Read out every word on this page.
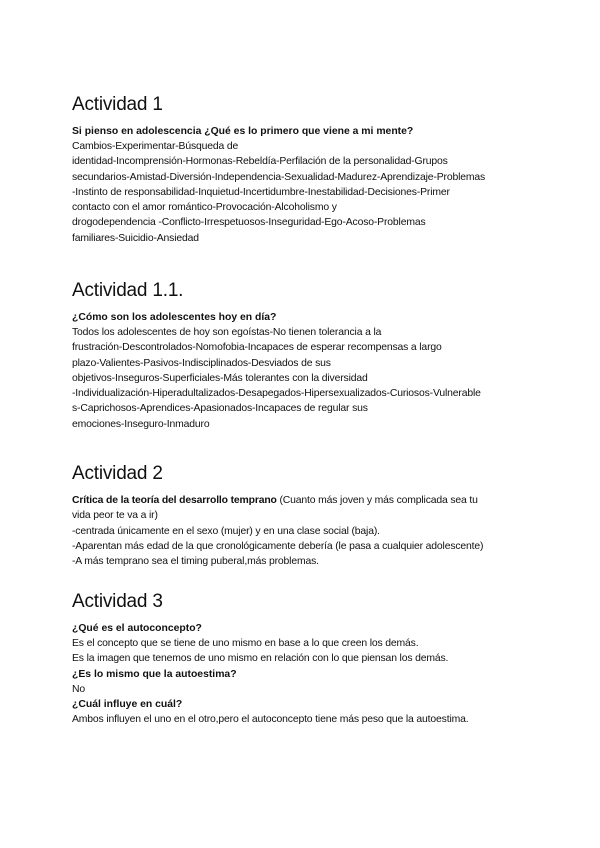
Actividad 1

Si pienso en adolescencia ¿Qué es lo primero que viene a mi mente?

Cambios-Experimentar-Búsqueda de
identidad-Incomprensión-Hormonas-Rebeldía-Perfilación de la personalidad-Grupos
secundarios-Amistad-Diversión-Independencia-Sexualidad-Madurez-Aprendizaje-Problemas
-Instinto de responsabilidad-Inquietud-Incertidumbre-Inestabilidad-Decisiones-Primer
contacto con el amor romántico-Provocación-Alcoholismo y
drogodependencia -Conflicto-Irrespetuosos-Inseguridad-Ego-Acoso-Problemas
familiares-Suicidio-Ansiedad
Actividad 1.1.

¿Cómo son los adolescentes hoy en día?

Todos los adolescentes de hoy son egoístas-No tienen tolerancia a la
frustración-Descontrolados-Nomofobia-Incapaces de esperar recompensas a largo
plazo-Valientes-Pasivos-Indisciplinados-Desviados de sus
objetivos-Inseguros-Superficiales-Más tolerantes con la diversidad
-Individualización-Hiperadultalizados-Desapegados-Hipersexualizados-Curiosos-Vulnerable
s-Caprichosos-Aprendices-Apasionados-Incapaces de regular sus
emociones-Inseguro-Inmaduro
Actividad 2
Crítica de la teoría del desarrollo temprano (Cuanto más joven y más complicada sea tu
vida peor te va a ir)
-centrada únicamente en el sexo (mujer) y en una clase social (baja).
-Aparentan más edad de la que cronológicamente debería (le pasa a cualquier adolescente)
-A más temprano sea el timing puberal,más problemas.
Actividad 3

¿Qué es el autoconcepto?

Es el concepto que se tiene de uno mismo en base a lo que creen los demás.
Es la imagen que tenemos de uno mismo en relación con lo que piensan los demás.

¿Es lo mismo que la autoestima?

No

¿Cuál influye en cuál?

Ambos influyen el uno en el otro,pero el autoconcepto tiene más peso que la autoestima.
